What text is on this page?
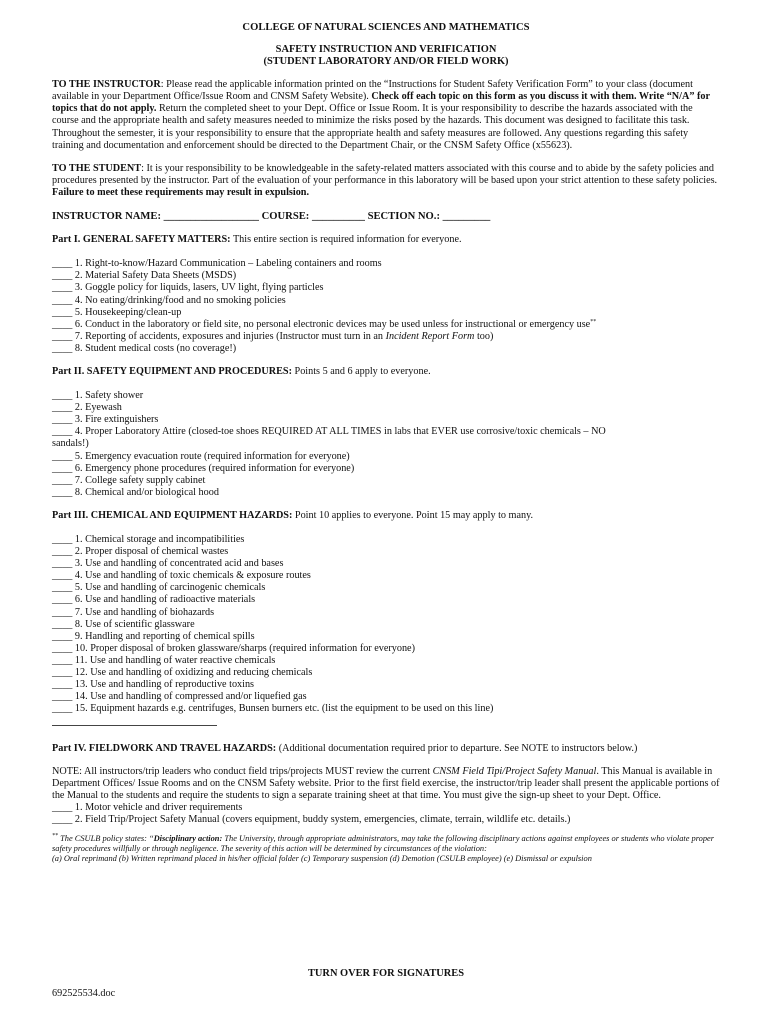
COLLEGE OF NATURAL SCIENCES AND MATHEMATICS
SAFETY INSTRUCTION AND VERIFICATION
(STUDENT LABORATORY AND/OR FIELD WORK)

TO THE INSTRUCTOR: Please read the applicable information printed on the “Instructions for Student Safety Verification Form” to your class (document available in your Department Office/Issue Room and CNSM Safety Website). Check off each topic on this form as you discuss it with them. Write “N/A” for topics that do not apply. Return the completed sheet to your Dept. Office or Issue Room. It is your responsibility to describe the hazards associated with the course and the appropriate health and safety measures needed to minimize the risks posed by the hazards. This document was designed to facilitate this task. Throughout the semester, it is your responsibility to ensure that the appropriate health and safety measures are followed. Any questions regarding this safety training and documentation and enforcement should be directed to the Department Chair, or the CNSM Safety Office (x55623).

TO THE STUDENT: It is your responsibility to be knowledgeable in the safety-related matters associated with this course and to abide by the safety policies and procedures presented by the instructor. Part of the evaluation of your performance in this laboratory will be based upon your strict attention to these safety policies. Failure to meet these requirements may result in expulsion.

INSTRUCTOR NAME: __________________ COURSE: __________ SECTION NO.: _________

Part I. GENERAL SAFETY MATTERS: This entire section is required information for everyone.

____ 1. Right-to-know/Hazard Communication – Labeling containers and rooms
____ 2. Material Safety Data Sheets (MSDS)
____ 3. Goggle policy for liquids, lasers, UV light, flying particles
____ 4. No eating/drinking/food and no smoking policies
____ 5. Housekeeping/clean-up
____ 6. Conduct in the laboratory or field site, no personal electronic devices may be used unless for instructional or emergency use**
____ 7. Reporting of accidents, exposures and injuries (Instructor must turn in an Incident Report Form too)
____ 8. Student medical costs (no coverage!)

Part II. SAFETY EQUIPMENT AND PROCEDURES: Points 5 and 6 apply to everyone.

____ 1. Safety shower
____ 2. Eyewash
____ 3. Fire extinguishers
____ 4. Proper Laboratory Attire (closed-toe shoes REQUIRED AT ALL TIMES in labs that EVER use corrosive/toxic chemicals – NO
sandals!)
____ 5. Emergency evacuation route (required information for everyone)
____ 6. Emergency phone procedures (required information for everyone)
____ 7. College safety supply cabinet
____ 8. Chemical and/or biological hood

Part III. CHEMICAL AND EQUIPMENT HAZARDS: Point 10 applies to everyone. Point 15 may apply to many.

____ 1. Chemical storage and incompatibilities
____ 2. Proper disposal of chemical wastes
____ 3. Use and handling of concentrated acid and bases
____ 4. Use and handling of toxic chemicals & exposure routes
____ 5. Use and handling of carcinogenic chemicals
____ 6. Use and handling of radioactive materials
____ 7. Use and handling of biohazards
____ 8. Use of scientific glassware
____ 9. Handling and reporting of chemical spills
____ 10. Proper disposal of broken glassware/sharps (required information for everyone)
____ 11. Use and handling of water reactive chemicals
____ 12. Use and handling of oxidizing and reducing chemicals
____ 13. Use and handling of reproductive toxins
____ 14. Use and handling of compressed and/or liquefied gas
____ 15. Equipment hazards e.g. centrifuges, Bunsen burners etc. (list the equipment to be used on this line)

Part IV. FIELDWORK AND TRAVEL HAZARDS: (Additional documentation required prior to departure. See NOTE to instructors below.)

NOTE: All instructors/trip leaders who conduct field trips/projects MUST review the current CNSM Field Tipi/Project Safety Manual. This Manual is available in Department Offices/ Issue Rooms and on the CNSM Safety website. Prior to the first field exercise, the instructor/trip leader shall present the applicable portions of the Manual to the students and require the students to sign a separate training sheet at that time. You must give the sign-up sheet to your Dept. Office.

____ 1. Motor vehicle and driver requirements
____ 2. Field Trip/Project Safety Manual (covers equipment, buddy system, emergencies, climate, terrain, wildlife etc. details.)

** The CSULB policy states: “Disciplinary action: The University, through appropriate administrators, may take the following disciplinary actions against employees or students who violate proper safety procedures willfully or through negligence. The severity of this action will be determined by circumstances of the violation:
(a) Oral reprimand (b) Written reprimand placed in his/her official folder (c) Temporary suspension (d) Demotion (CSULB employee) (e) Dismissal or expulsion

TURN OVER FOR SIGNATURES
692525534.doc
